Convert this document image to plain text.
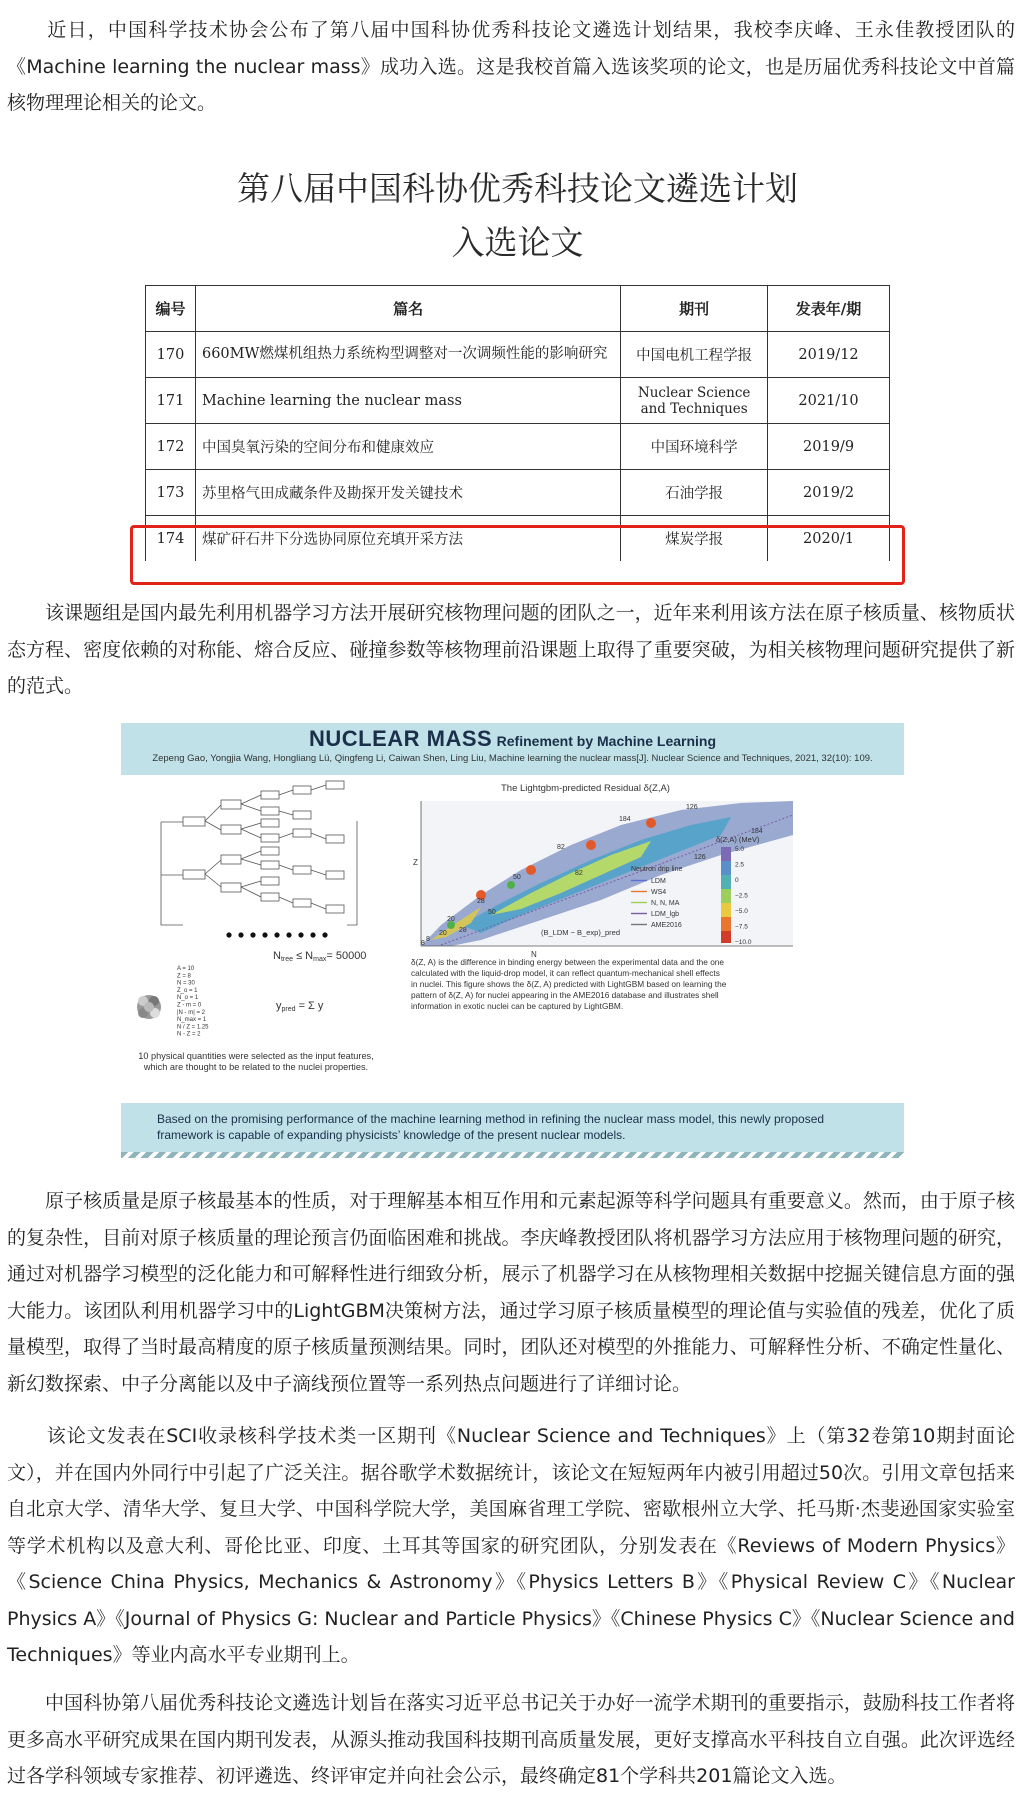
　　近日，中国科学技术协会公布了第八届中国科协优秀科技论文遴选计划结果，我校李庆峰、王永佳教授团队的《Machine learning the nuclear mass》成功入选。这是我校首篇入选该奖项的论文，也是历届优秀科技论文中首篇核物理理论相关的论文。

第八届中国科协优秀科技论文遴选计划
入选论文
编号	篇名	期刊	发表年/期
170	660MW燃煤机组热力系统构型调整对一次调频性能的影响研究	中国电机工程学报	2019/12
171	Machine learning the nuclear mass	Nuclear Science and Techniques	2021/10
172	中国臭氧污染的空间分布和健康效应	中国环境科学	2019/9
173	苏里格气田成藏条件及勘探开发关键技术	石油学报	2019/2
174	煤矿矸石井下分选协同原位充填开采方法	煤炭学报	2020/1

　　该课题组是国内最先利用机器学习方法开展研究核物理问题的团队之一，近年来利用该方法在原子核质量、核物质状态方程、密度依赖的对称能、熔合反应、碰撞参数等核物理前沿课题上取得了重要突破，为相关核物理问题研究提供了新的范式。

NUCLEAR MASS Refinement by Machine Learning
Zepeng Gao, Yongjia Wang, Hongliang Lü, Qingfeng Li, Caiwan Shen, Ling Liu, Machine learning the nuclear mass[J]. Nuclear Science and Techniques, 2021, 32(10): 109.
Ntree ≤ Nmax= 50000
A = 10
Z = 8
N = 30
Z_o = 1
N_o = 1
Z - m = 0
|N - m| = 2
N_max = 1
N / Z = 1.25
N - Z = 2
ypred = Σ y
10 physical quantities were selected as the input features,
which are thought to be related to the nuclei properties.
The Lightgbm-predicted Residual δ(Z,A)
Z
N
126
184
82
50
28
20
8
82
126
184
28
50
8
20	(B_LDM − B_exp)_pred
δ(Z,A) (MeV)
5.0
2.5
0
−2.5
−5.0
−7.5
−10.0
Neutron drip line
LDM
WS4
N, N, MA
LDM_lgb
AME2016
δ(Z, A) is the difference in binding energy between the experimental data and the one calculated with the liquid-drop model, it can reflect quantum-mechanical shell effects in nuclei. This figure shows the δ(Z, A) predicted with LightGBM based on learning the pattern of δ(Z, A) for nuclei appearing in the AME2016 database and illustrates shell information in exotic nuclei can be captured by LightGBM.
Based on the promising performance of the machine learning method in refining the nuclear mass model, this newly proposed framework is capable of expanding physicists’ knowledge of the present nuclear models.

　　原子核质量是原子核最基本的性质，对于理解基本相互作用和元素起源等科学问题具有重要意义。然而，由于原子核的复杂性，目前对原子核质量的理论预言仍面临困难和挑战。李庆峰教授团队将机器学习方法应用于核物理问题的研究，通过对机器学习模型的泛化能力和可解释性进行细致分析，展示了机器学习在从核物理相关数据中挖掘关键信息方面的强大能力。该团队利用机器学习中的LightGBM决策树方法，通过学习原子核质量模型的理论值与实验值的残差，优化了质量模型，取得了当时最高精度的原子核质量预测结果。同时，团队还对模型的外推能力、可解释性分析、不确定性量化、新幻数探索、中子分离能以及中子滴线预位置等一系列热点问题进行了详细讨论。

　　该论文发表在SCI收录核科学技术类一区期刊《Nuclear Science and Techniques》上（第32卷第10期封面论文），并在国内外同行中引起了广泛关注。据谷歌学术数据统计，该论文在短短两年内被引用超过50次。引用文章包括来自北京大学、清华大学、复旦大学、中国科学院大学，美国麻省理工学院、密歇根州立大学、托马斯·杰斐逊国家实验室等学术机构以及意大利、哥伦比亚、印度、土耳其等国家的研究团队，分别发表在《Reviews of Modern Physics》《Science China Physics, Mechanics & Astronomy》《Physics Letters B》《Physical Review C》《Nuclear Physics A》《Journal of Physics G: Nuclear and Particle Physics》《Chinese Physics C》《Nuclear Science and Techniques》等业内高水平专业期刊上。

　　中国科协第八届优秀科技论文遴选计划旨在落实习近平总书记关于办好一流学术期刊的重要指示，鼓励科技工作者将更多高水平研究成果在国内期刊发表，从源头推动我国科技期刊高质量发展，更好支撑高水平科技自立自强。此次评选经过各学科领域专家推荐、初评遴选、终评审定并向社会公示，最终确定81个学科共201篇论文入选。
